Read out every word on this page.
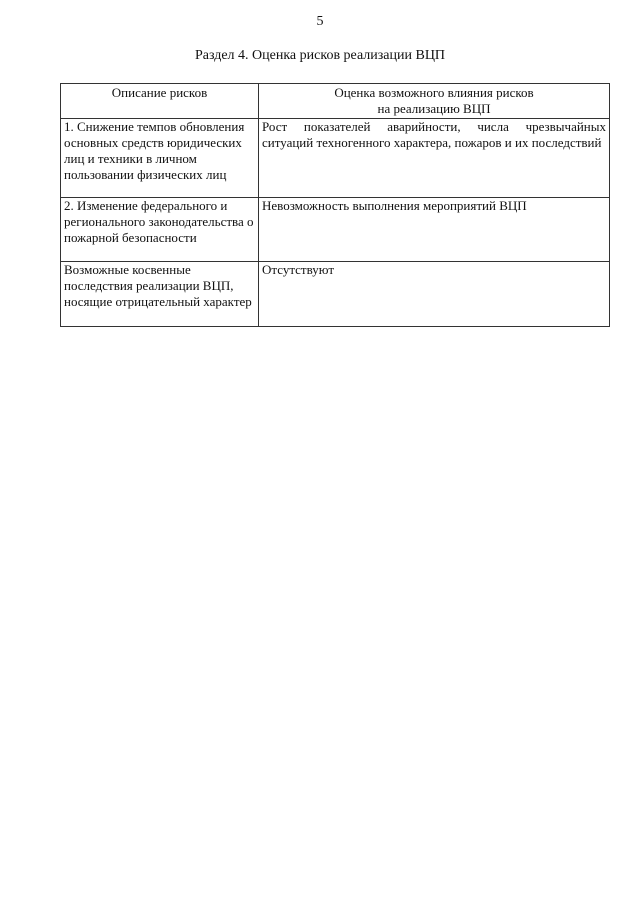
5
Раздел 4. Оценка рисков реализации ВЦП
Описание рисков	Оценка возможного влияния рисков
на реализацию ВЦП

1. Снижение темпов обновления основных средств юридических лиц и техники в личном пользовании физических лиц	Рост показателей аварийности, числа чрезвычайных ситуаций техногенного характера, пожаров и их последствий
2. Изменение федерального и регионального законодательства о пожарной безопасности	Невозможность выполнения мероприятий ВЦП
Возможные косвенные последствия реализации ВЦП, носящие отрицательный характер	Отсутствуют
